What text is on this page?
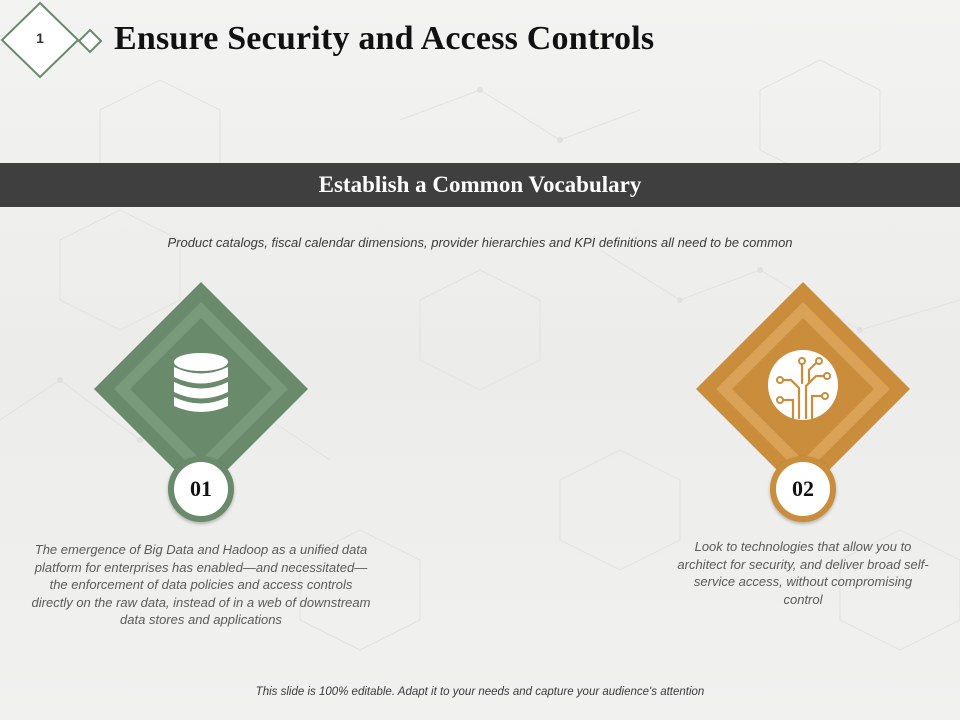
1 Ensure Security and Access Controls
Establish a Common Vocabulary
Product catalogs, fiscal calendar dimensions, provider hierarchies and KPI definitions all need to be common
01

The emergence of Big Data and Hadoop as a unified data platform for enterprises has enabled—and necessitated—the enforcement of data policies and access controls directly on the raw data, instead of in a web of downstream data stores and applications

02

Look to technologies that allow you to architect for security, and deliver broad self-service access, without compromising control

This slide is 100% editable. Adapt it to your needs and capture your audience's attention
